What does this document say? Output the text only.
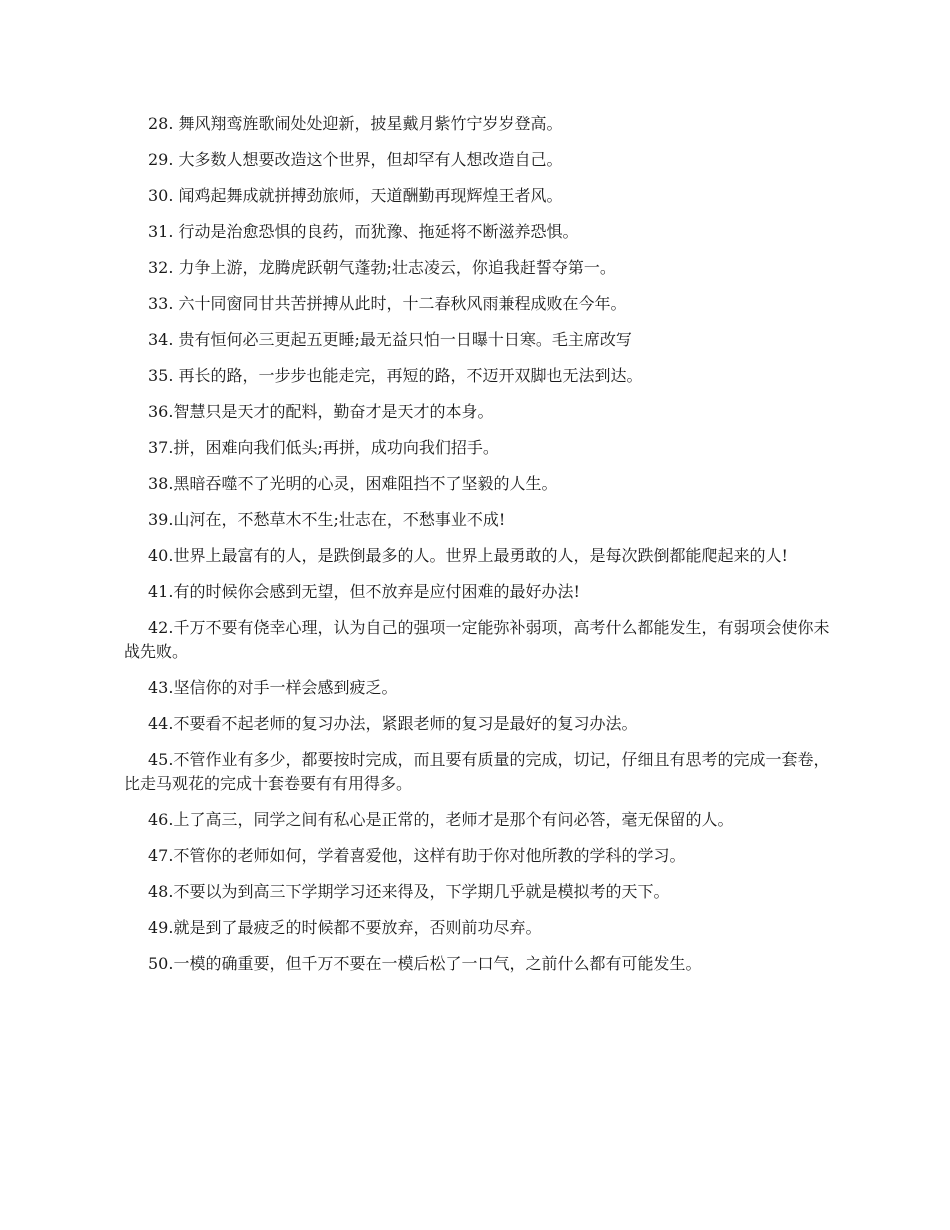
28. 舞风翔鸾旌歌闹处处迎新，披星戴月紫竹宁岁岁登高。

29. 大多数人想要改造这个世界，但却罕有人想改造自己。

30. 闻鸡起舞成就拼搏劲旅师，天道酬勤再现辉煌王者风。

31. 行动是治愈恐惧的良药，而犹豫、拖延将不断滋养恐惧。

32. 力争上游，龙腾虎跃朝气蓬勃;壮志凌云，你追我赶誓夺第一。

33. 六十同窗同甘共苦拼搏从此时，十二春秋风雨兼程成败在今年。

34. 贵有恒何必三更起五更睡;最无益只怕一日曝十日寒。毛主席改写

35. 再长的路，一步步也能走完，再短的路，不迈开双脚也无法到达。

36.智慧只是天才的配料，勤奋才是天才的本身。

37.拼，困难向我们低头;再拼，成功向我们招手。

38.黑暗吞噬不了光明的心灵，困难阻挡不了坚毅的人生。

39.山河在，不愁草木不生;壮志在，不愁事业不成!

40.世界上最富有的人，是跌倒最多的人。世界上最勇敢的人，是每次跌倒都能爬起来的人!

41.有的时候你会感到无望，但不放弃是应付困难的最好办法!

42.千万不要有侥幸心理，认为自己的强项一定能弥补弱项，高考什么都能发生，有弱项会使你未战先败。

43.坚信你的对手一样会感到疲乏。

44.不要看不起老师的复习办法，紧跟老师的复习是最好的复习办法。

45.不管作业有多少，都要按时完成，而且要有质量的完成，切记，仔细且有思考的完成一套卷，比走马观花的完成十套卷要有有用得多。

46.上了高三，同学之间有私心是正常的，老师才是那个有问必答，毫无保留的人。

47.不管你的老师如何，学着喜爱他，这样有助于你对他所教的学科的学习。

48.不要以为到高三下学期学习还来得及，下学期几乎就是模拟考的天下。

49.就是到了最疲乏的时候都不要放弃，否则前功尽弃。

50.一模的确重要，但千万不要在一模后松了一口气，之前什么都有可能发生。
